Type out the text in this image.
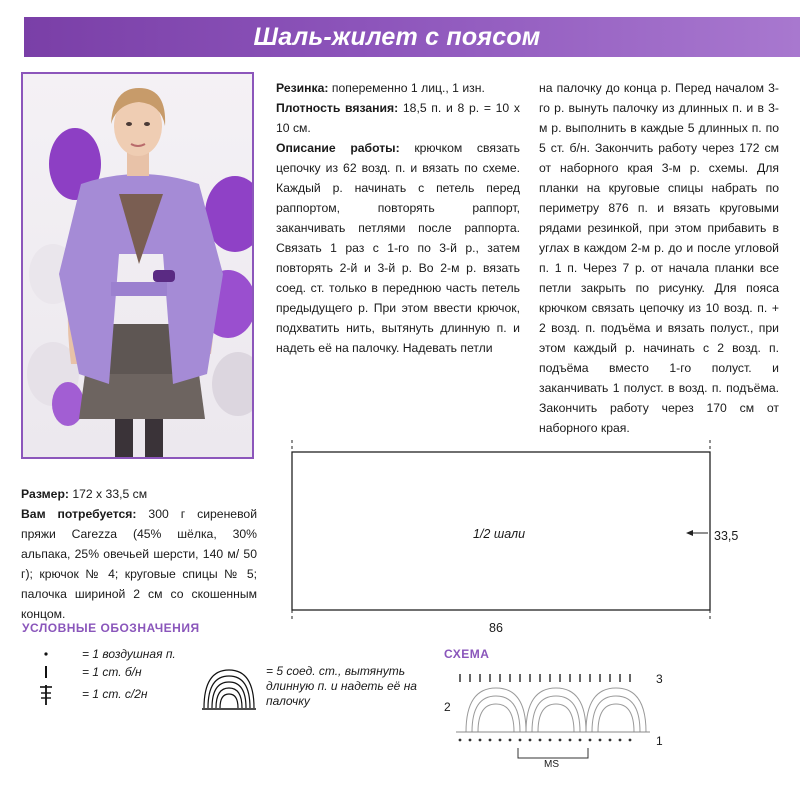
Шаль-жилет с поясом

Резинка: попеременно 1 лиц., 1 изн.

Плотность вязания: 18,5 п. и 8 р. = 10 х 10 см.

Описание работы: крючком связать цепочку из 62 возд. п. и вязать по схеме. Каждый р. начинать с петель перед раппортом, повторять раппорт, заканчивать петлями после раппорта. Связать 1 раз с 1-го по 3-й р., затем повторять 2-й и 3-й р. Во 2-м р. вязать соед. ст. только в переднюю часть петель предыдущего р. При этом ввести крючок, подхватить нить, вытянуть длинную п. и надеть её на палочку. Надевать петли

на палочку до конца р. Перед началом 3-го р. вынуть палочку из длинных п. и в 3-м р. выполнить в каждые 5 длинных п. по 5 ст. б/н. Закончить работу через 172 см от наборного края 3-м р. схемы. Для планки на круговые спицы набрать по периметру 876 п. и вязать круговыми рядами резинкой, при этом прибавить в углах в каждом 2-м р. до и после угловой п. 1 п. Через 7 р. от начала планки все петли закрыть по рисунку. Для пояса крючком связать цепочку из 10 возд. п. + 2 возд. п. подъёма и вязать полуст., при этом каждый р. начинать с 2 возд. п. подъёма вместо 1-го полуст. и заканчивать 1 полуст. в возд. п. подъёма. Закончить работу через 170 см от наборного края.

Размер: 172 х 33,5 см

Вам потребуется: 300 г сиреневой пряжи Carezza (45% шёлка, 30% альпака, 25% овечьей шерсти, 140 м/ 50 г); крючок № 4; круговые спицы № 5; палочка шириной 2 см со скошенным концом.

1/2 шали	33,5
86
УСЛОВНЫЕ ОБОЗНАЧЕНИЯ
= 1 воздушная п.
= 1 ст. б/н
= 1 ст. с/2н
= 5 соед. ст., вытянуть длинную п. и надеть её на палочку
СХЕМА
3
2
1
MS
